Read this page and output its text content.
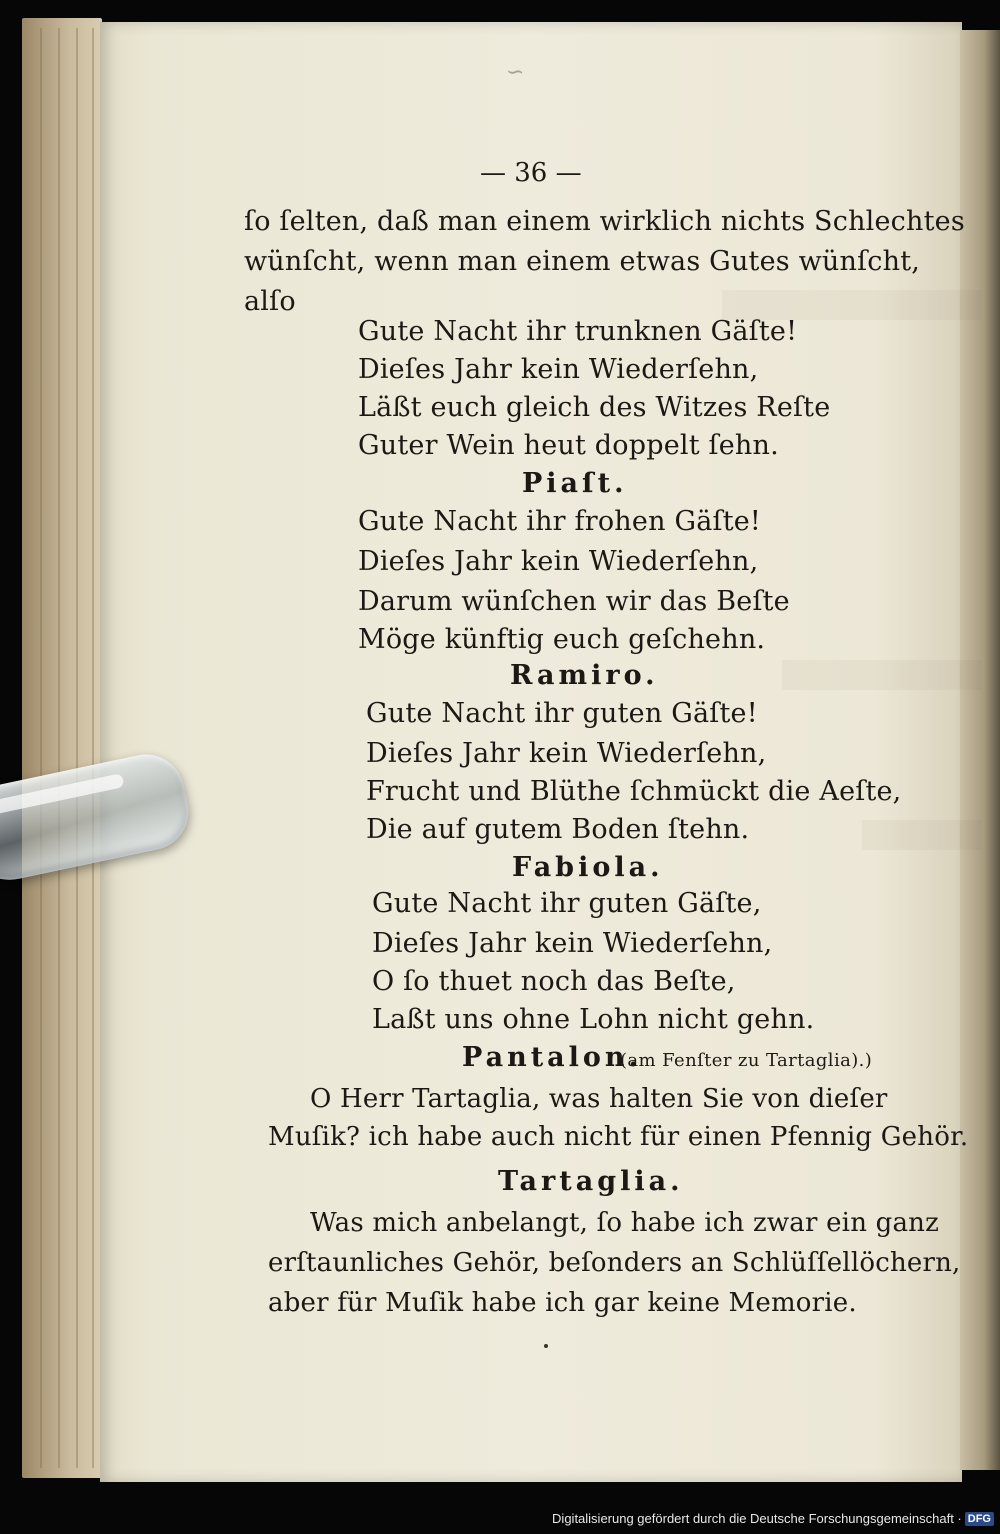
∽
— 36 —
ſo ſelten, daß man einem wirklich nichts Schlechtes
wünſcht, wenn man einem etwas Gutes wünſcht,
alſo
Gute Nacht ihr trunknen Gäſte!
Dieſes Jahr kein Wiederſehn,
Läßt euch gleich des Witzes Reſte
Guter Wein heut doppelt ſehn.
Piaſt.
Gute Nacht ihr frohen Gäſte!
Dieſes Jahr kein Wiederſehn,
Darum wünſchen wir das Beſte
Möge künftig euch geſchehn.
Ramiro.
Gute Nacht ihr guten Gäſte!
Dieſes Jahr kein Wiederſehn,
Frucht und Blüthe ſchmückt die Aeſte,
Die auf gutem Boden ſtehn.
Fabiola.
Gute Nacht ihr guten Gäſte,
Dieſes Jahr kein Wiederſehn,
O ſo thuet noch das Beſte,
Laßt uns ohne Lohn nicht gehn.
Pantalon.
(am Fenſter zu Tartaglia).)
O Herr Tartaglia, was halten Sie von dieſer
Muſik? ich habe auch nicht für einen Pfennig Gehör.
Tartaglia.
Was mich anbelangt, ſo habe ich zwar ein ganz
erſtaunliches Gehör, beſonders an Schlüſſellöchern,
aber für Muſik habe ich gar keine Memorie.
Digitalisierung gefördert durch die Deutsche Forschungsgemeinschaft · DFG
